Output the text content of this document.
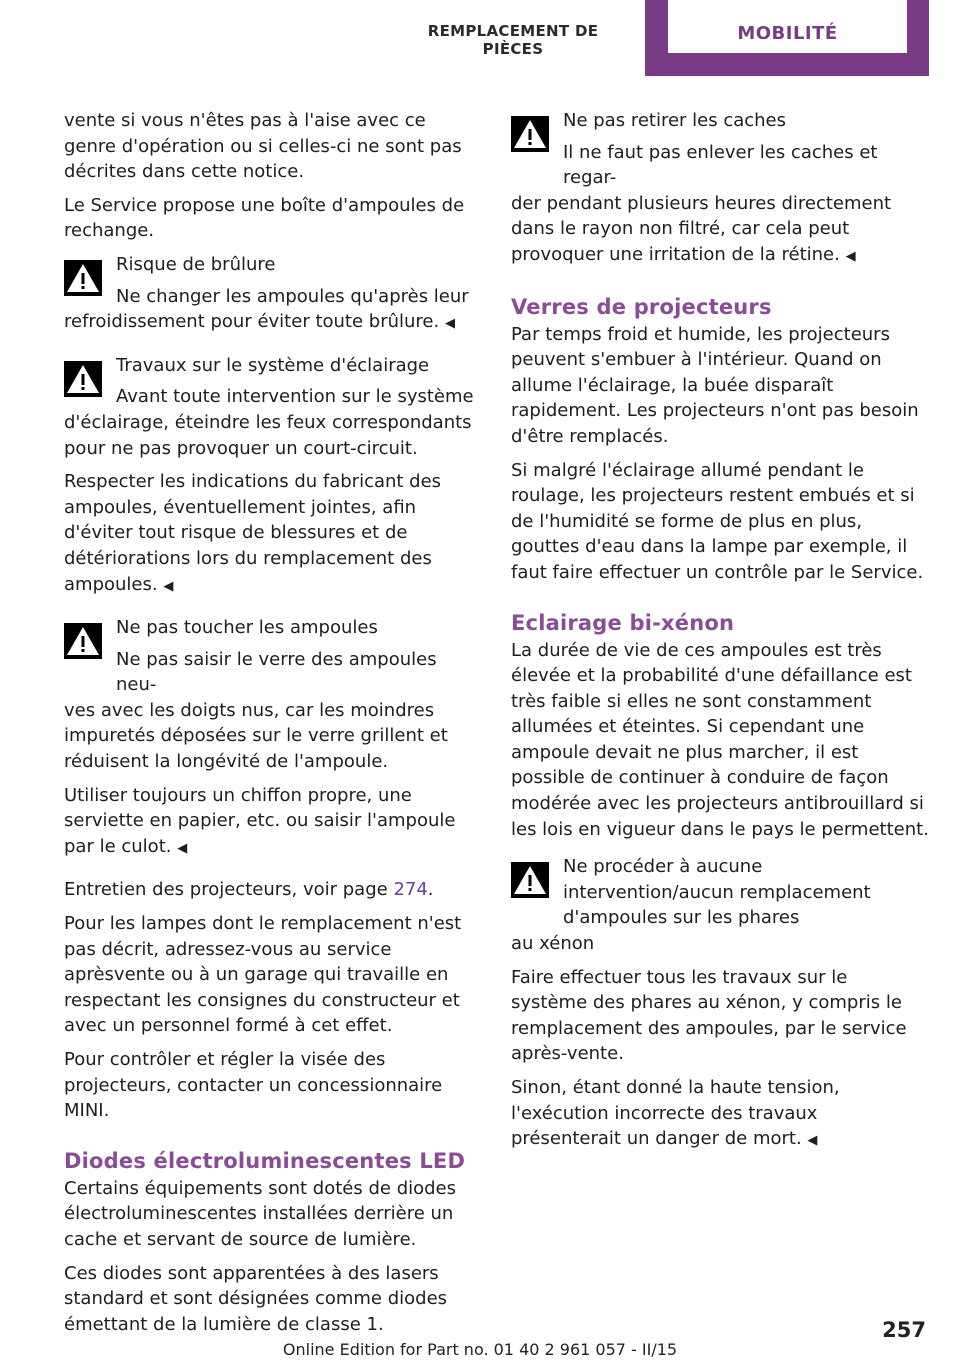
REMPLACEMENT DE PIÈCES
MOBILITÉ

vente si vous n'êtes pas à l'aise avec ce genre d'opération ou si celles-ci ne sont pas décrites dans cette notice.

Le Service propose une boîte d'ampoules de rechange.

Risque de brûlure

Ne changer les ampoules qu'après leur
refroidissement pour éviter toute brûlure. ◀

Travaux sur le système d'éclairage

Avant toute intervention sur le système
d'éclairage, éteindre les feux correspondants pour ne pas provoquer un court-circuit.

Respecter les indications du fabricant des ampoules, éventuellement jointes, afin d'éviter tout risque de blessures et de détériorations lors du remplacement des ampoules. ◀

Ne pas toucher les ampoules

Ne pas saisir le verre des ampoules neu-
ves avec les doigts nus, car les moindres impuretés déposées sur le verre grillent et réduisent la longévité de l'ampoule.

Utiliser toujours un chiffon propre, une serviette en papier, etc. ou saisir l'ampoule par le culot. ◀

Entretien des projecteurs, voir page 274.

Pour les lampes dont le remplacement n'est pas décrit, adressez-vous au service aprèsvente ou à un garage qui travaille en respectant les consignes du constructeur et avec un personnel formé à cet effet.

Pour contrôler et régler la visée des projecteurs, contacter un concessionnaire MINI.

Diodes électroluminescentes LED

Certains équipements sont dotés de diodes électroluminescentes installées derrière un cache et servant de source de lumière.

Ces diodes sont apparentées à des lasers standard et sont désignées comme diodes émettant de la lumière de classe 1.

Ne pas retirer les caches

Il ne faut pas enlever les caches et regar-
der pendant plusieurs heures directement dans le rayon non filtré, car cela peut provoquer une irritation de la rétine. ◀

Verres de projecteurs

Par temps froid et humide, les projecteurs peuvent s'embuer à l'intérieur. Quand on allume l'éclairage, la buée disparaît rapidement. Les projecteurs n'ont pas besoin d'être remplacés.

Si malgré l'éclairage allumé pendant le roulage, les projecteurs restent embués et si de l'humidité se forme de plus en plus, gouttes d'eau dans la lampe par exemple, il faut faire effectuer un contrôle par le Service.

Eclairage bi-xénon

La durée de vie de ces ampoules est très élevée et la probabilité d'une défaillance est très faible si elles ne sont constamment allumées et éteintes. Si cependant une ampoule devait ne plus marcher, il est possible de continuer à conduire de façon modérée avec les projecteurs antibrouillard si les lois en vigueur dans le pays le permettent.

Ne procéder à aucune intervention/aucun remplacement d'ampoules sur les phares

au xénon

Faire effectuer tous les travaux sur le système des phares au xénon, y compris le remplacement des ampoules, par le service après-vente.

Sinon, étant donné la haute tension, l'exécution incorrecte des travaux présenterait un danger de mort. ◀

257
Online Edition for Part no. 01 40 2 961 057 - II/15
